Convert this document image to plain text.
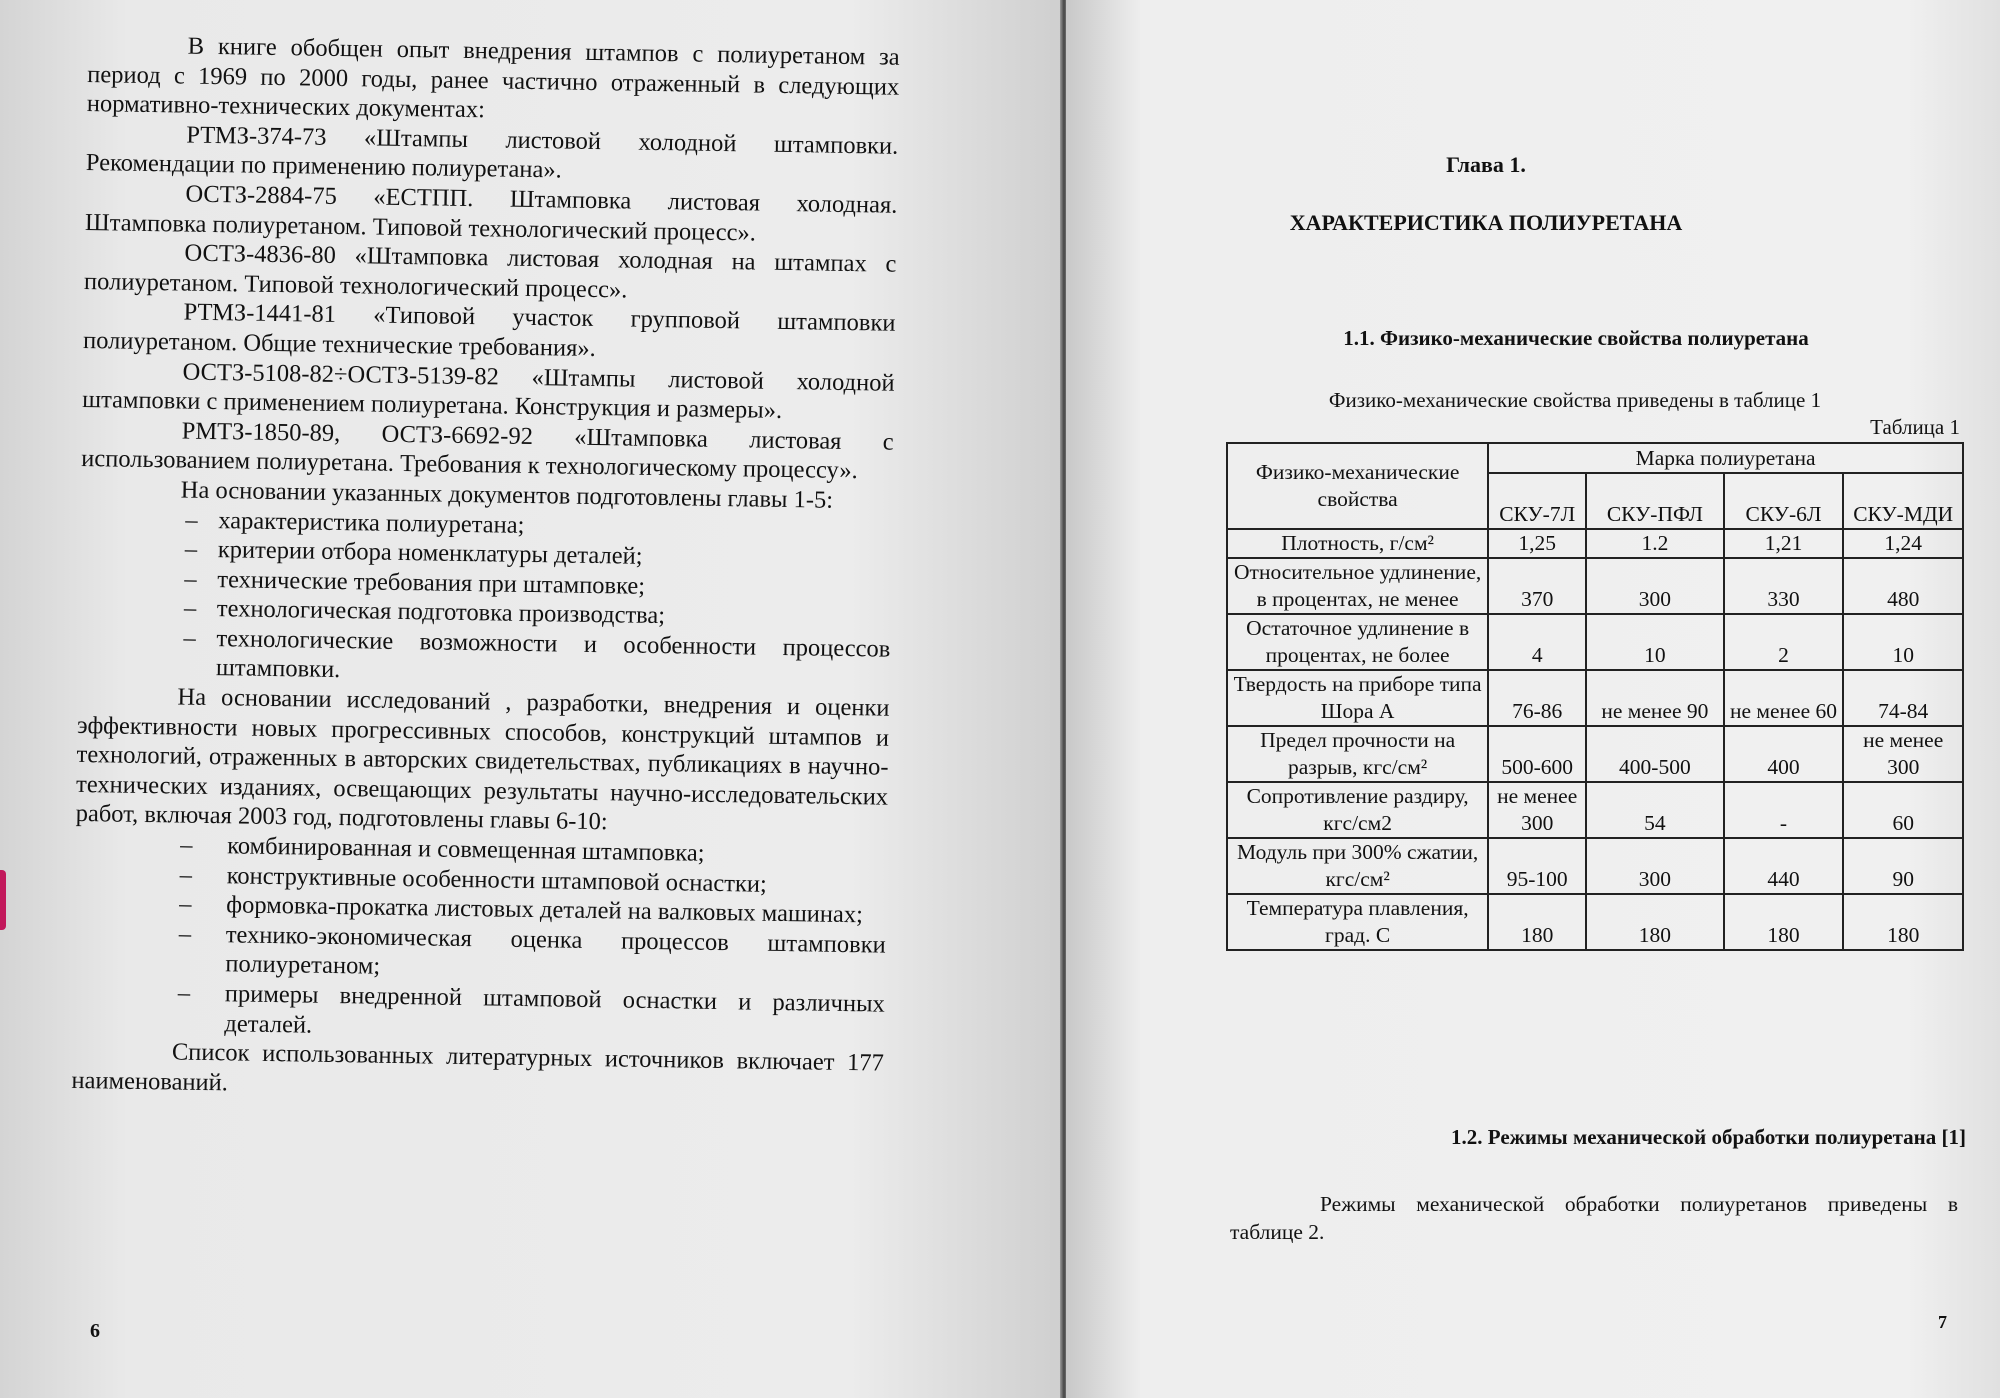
В книге обобщен опыт внедрения штампов с полиуретаном за период с 1969 по 2000 годы, ранее частично отраженный в следующих нормативно-технических документах:

РТМЗ-374-73 «Штампы листовой холодной штамповки. Рекомендации по применению полиуретана».

ОСТЗ-2884-75 «ЕСТПП. Штамповка листовая холодная. Штамповка полиуретаном. Типовой технологический процесс».

ОСТЗ-4836-80 «Штамповка листовая холодная на штампах с полиуретаном. Типовой технологический процесс».

РТМЗ-1441-81 «Типовой участок групповой штамповки полиуретаном. Общие технические требования».

ОСТЗ-5108-82÷ОСТЗ-5139-82 «Штампы листовой холодной штамповки с применением полиуретана. Конструкция и размеры».

РМТЗ-1850-89, ОСТЗ-6692-92 «Штамповка листовая с использованием полиуретана. Требования к технологическому процессу».

На основании указанных документов подготовлены главы 1-5:

– характеристика полиуретана;
– критерии отбора номенклатуры деталей;
– технические требования при штамповке;
– технологическая подготовка производства;
– технологические возможности и особенности процессов штамповки.

На основании исследований , разработки, внедрения и оценки эффективности новых прогрессивных способов, конструкций штампов и технологий, отраженных в авторских свидетельствах, публикациях в научно-технических изданиях, освещающих результаты научно-исследовательских работ, включая 2003 год, подготовлены главы 6-10:

– комбинированная и совмещенная штамповка;
– конструктивные особенности штамповой оснастки;
– формовка-прокатка листовых деталей на валковых машинах;
– технико-экономическая оценка процессов штамповки полиуретаном;
– примеры внедренной штамповой оснастки и различных деталей.

Список использованных литературных источников включает 177 наименований.

6
Глава 1.
ХАРАКТЕРИСТИКА ПОЛИУРЕТАНА
1.1. Физико-механические свойства полиуретана
Физико-механические свойства приведены в таблице 1
Таблица 1
Физико-механические свойства	Марка полиуретана			
	СКУ-7Л	СКУ-ПФЛ	СКУ-6Л	СКУ-МДИ
Плотность, г/см²	1,25	1.2	1,21	1,24
Относительное удлинение, в процентах, не менее	370	300	330	480
Остаточное удлинение в процентах, не более	4	10	2	10
Твердость на приборе типа Шора А	76-86	не менее 90	не менее 60	74-84
Предел прочности на разрыв, кгс/см²	500-600	400-500	400	не менее 300
Сопротивление раздиру, кгс/см2	не менее 300	54	-	60
Модуль при 300% сжатии, кгс/см²	95-100	300	440	90
Температура плавления, град. С	180	180	180	180
1.2. Режимы механической обработки полиуретана [1]
Режимы механической обработки полиуретанов приведены в таблице 2.
7
